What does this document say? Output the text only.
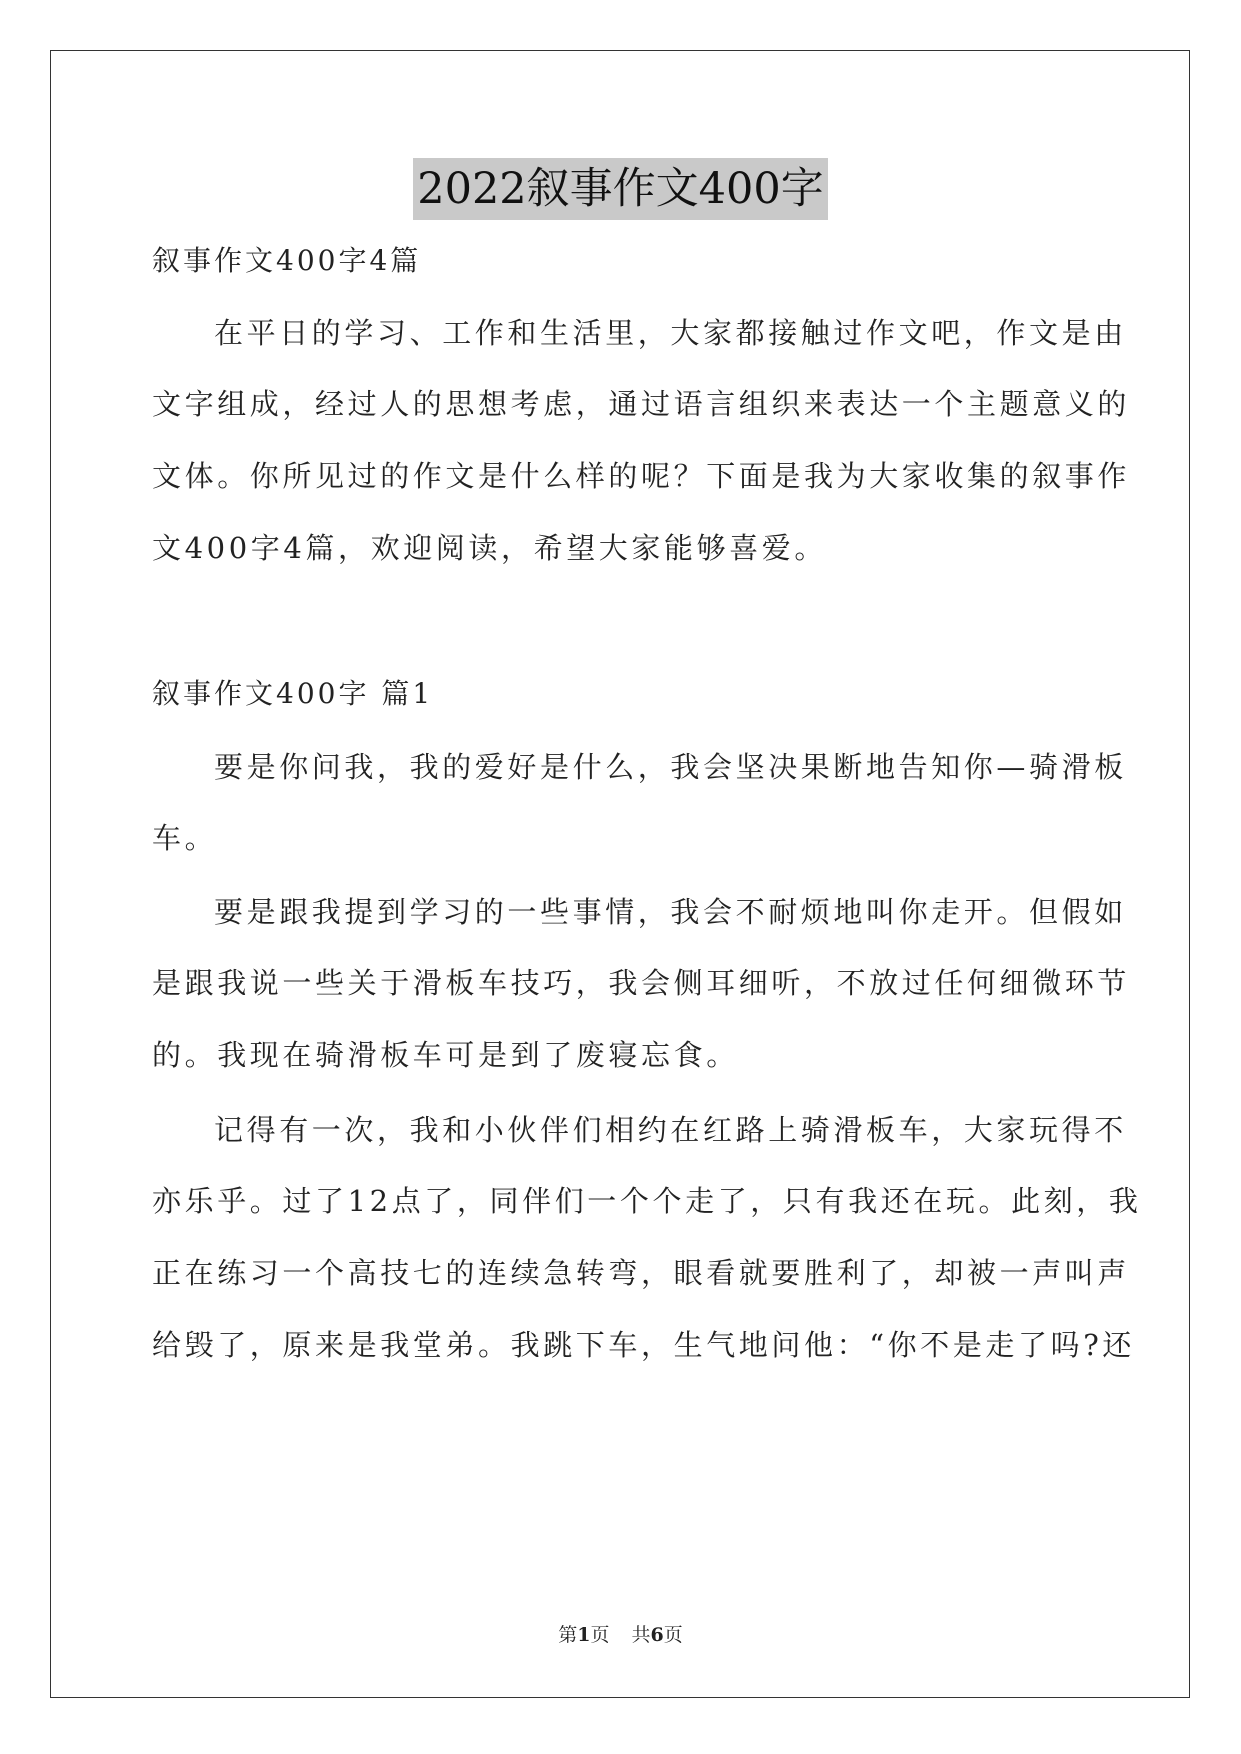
2022叙事作文400字
叙事作文400字4篇
在平日的学习、工作和生活里，大家都接触过作文吧，作文是由
文字组成，经过人的思想考虑，通过语言组织来表达一个主题意义的
文体。你所见过的作文是什么样的呢？下面是我为大家收集的叙事作
文400字4篇，欢迎阅读，希望大家能够喜爱。
叙事作文400字 篇1
要是你问我，我的爱好是什么，我会坚决果断地告知你—骑滑板
车。
要是跟我提到学习的一些事情，我会不耐烦地叫你走开。但假如
是跟我说一些关于滑板车技巧，我会侧耳细听，不放过任何细微环节
的。我现在骑滑板车可是到了废寝忘食。
记得有一次，我和小伙伴们相约在红路上骑滑板车，大家玩得不
亦乐乎。过了12点了，同伴们一个个走了，只有我还在玩。此刻，我
正在练习一个高技七的连续急转弯，眼看就要胜利了，却被一声叫声
给毁了，原来是我堂弟。我跳下车，生气地问他：“你不是走了吗?还
第1页 共6页
